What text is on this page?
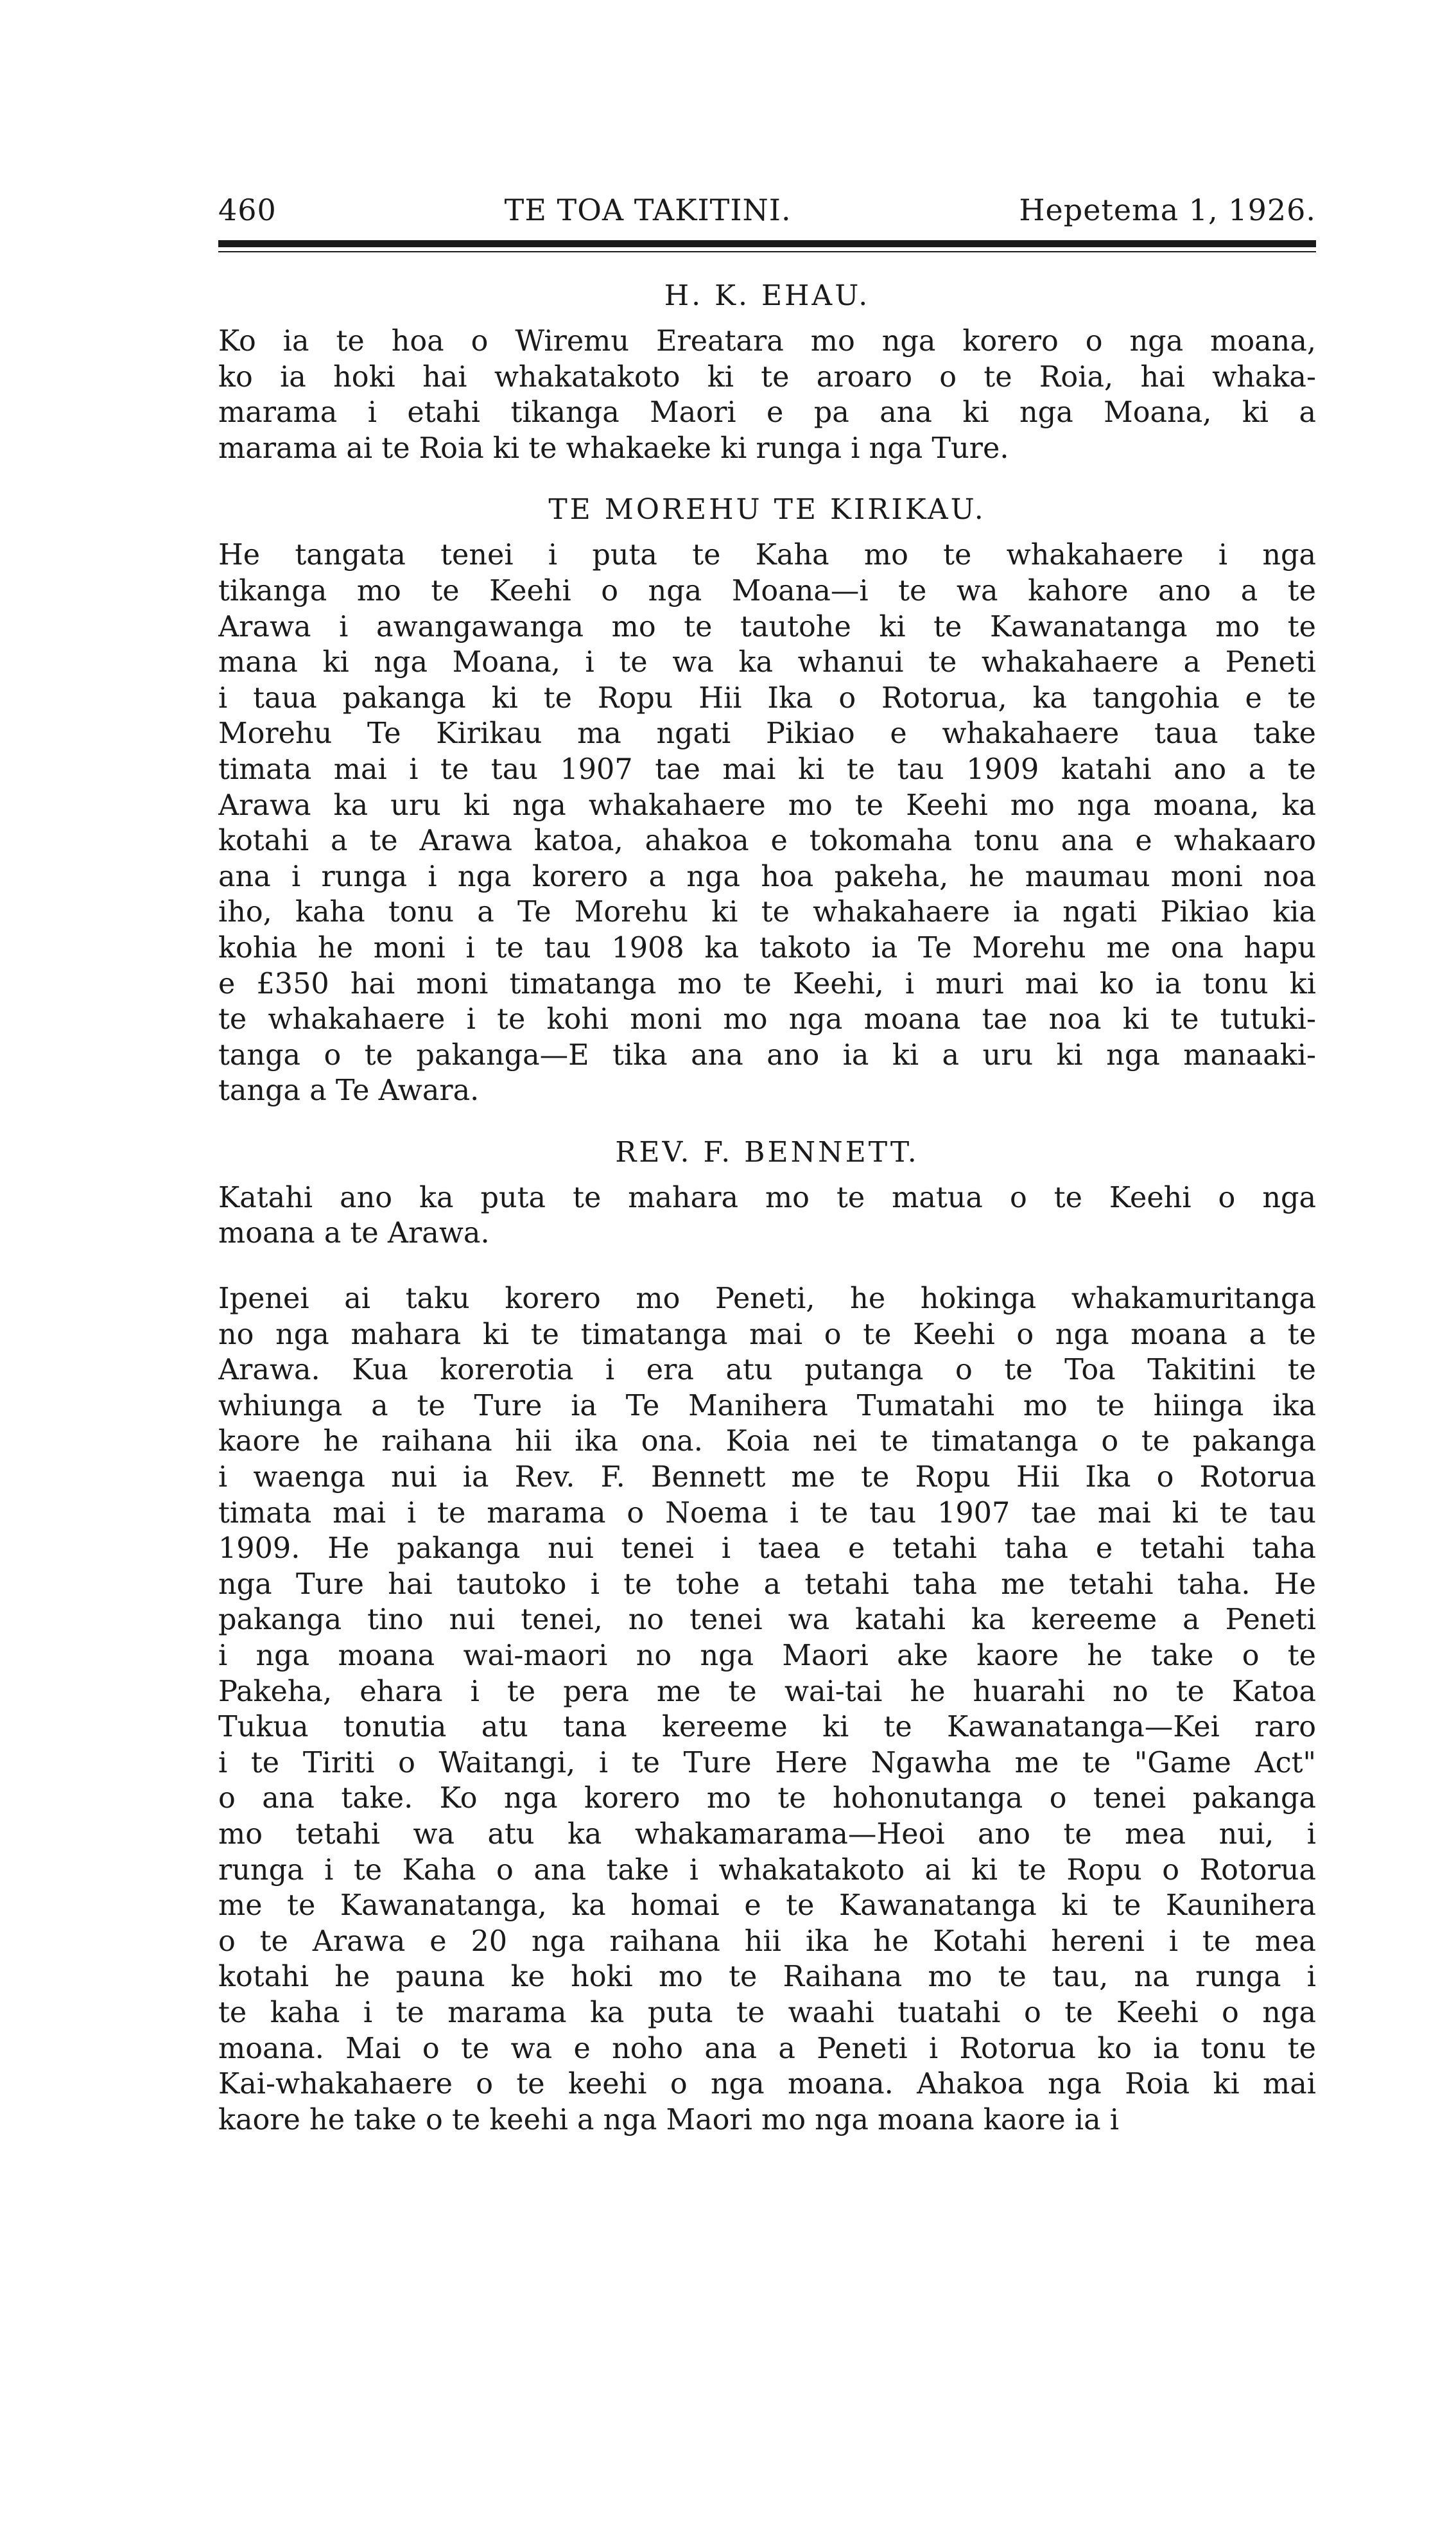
460	TE TOA TAKITINI.	Hepetema 1, 1926.
H. K. EHAU.

Ko ia te hoa o Wiremu Ereatara mo nga korero o nga moana,
ko ia hoki hai whakatakoto ki te aroaro o te Roia, hai whaka-
marama i etahi tikanga Maori e pa ana ki nga Moana, ki a
marama ai te Roia ki te whakaeke ki runga i nga Ture.

TE MOREHU TE KIRIKAU.

He tangata tenei i puta te Kaha mo te whakahaere i nga
tikanga mo te Keehi o nga Moana—i te wa kahore ano a te
Arawa i awangawanga mo te tautohe ki te Kawanatanga mo te
mana ki nga Moana, i te wa ka whanui te whakahaere a Peneti
i taua pakanga ki te Ropu Hii Ika o Rotorua, ka tangohia e te
Morehu Te Kirikau ma ngati Pikiao e whakahaere taua take
timata mai i te tau 1907 tae mai ki te tau 1909 katahi ano a te
Arawa ka uru ki nga whakahaere mo te Keehi mo nga moana, ka
kotahi a te Arawa katoa, ahakoa e tokomaha tonu ana e whakaaro
ana i runga i nga korero a nga hoa pakeha, he maumau moni noa
iho, kaha tonu a Te Morehu ki te whakahaere ia ngati Pikiao kia
kohia he moni i te tau 1908 ka takoto ia Te Morehu me ona hapu
e £350 hai moni timatanga mo te Keehi, i muri mai ko ia tonu ki
te whakahaere i te kohi moni mo nga moana tae noa ki te tutuki-
tanga o te pakanga—E tika ana ano ia ki a uru ki nga manaaki-
tanga a Te Awara.

REV. F. BENNETT.

Katahi ano ka puta te mahara mo te matua o te Keehi o nga
moana a te Arawa.

Ipenei ai taku korero mo Peneti, he hokinga whakamuritanga
no nga mahara ki te timatanga mai o te Keehi o nga moana a te
Arawa. Kua korerotia i era atu putanga o te Toa Takitini te
whiunga a te Ture ia Te Manihera Tumatahi mo te hiinga ika
kaore he raihana hii ika ona. Koia nei te timatanga o te pakanga
i waenga nui ia Rev. F. Bennett me te Ropu Hii Ika o Rotorua
timata mai i te marama o Noema i te tau 1907 tae mai ki te tau
1909. He pakanga nui tenei i taea e tetahi taha e tetahi taha
nga Ture hai tautoko i te tohe a tetahi taha me tetahi taha. He
pakanga tino nui tenei, no tenei wa katahi ka kereeme a Peneti
i nga moana wai-maori no nga Maori ake kaore he take o te
Pakeha, ehara i te pera me te wai-tai he huarahi no te Katoa
Tukua tonutia atu tana kereeme ki te Kawanatanga—Kei raro
i te Tiriti o Waitangi, i te Ture Here Ngawha me te "Game Act"
o ana take. Ko nga korero mo te hohonutanga o tenei pakanga
mo tetahi wa atu ka whakamarama—Heoi ano te mea nui, i
runga i te Kaha o ana take i whakatakoto ai ki te Ropu o Rotorua
me te Kawanatanga, ka homai e te Kawanatanga ki te Kaunihera
o te Arawa e 20 nga raihana hii ika he Kotahi hereni i te mea
kotahi he pauna ke hoki mo te Raihana mo te tau, na runga i
te kaha i te marama ka puta te waahi tuatahi o te Keehi o nga
moana. Mai o te wa e noho ana a Peneti i Rotorua ko ia tonu te
Kai-whakahaere o te keehi o nga moana. Ahakoa nga Roia ki mai
kaore he take o te keehi a nga Maori mo nga moana kaore ia i
